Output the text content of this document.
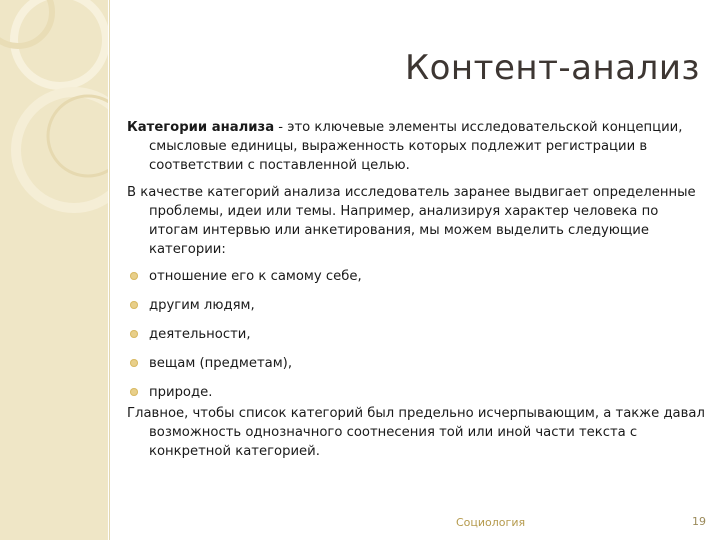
Контент-анализ

Категории анализа - это ключевые элементы исследовательской концепции, смысловые единицы, выраженность которых подлежит регистрации в соответствии с поставленной целью.

В качестве категорий анализа исследователь заранее выдвигает определенные проблемы, идеи или темы. Например, анализируя характер человека по итогам интервью или анкетирования, мы можем выделить следующие категории:

отношение его к самому себе,
другим людям,
деятельности,
вещам (предметам),
природе.

Главное, чтобы список категорий был предельно исчерпывающим, а также давал возможность однозначного соотнесения той или иной части текста с конкретной категорией.

Социология	19
